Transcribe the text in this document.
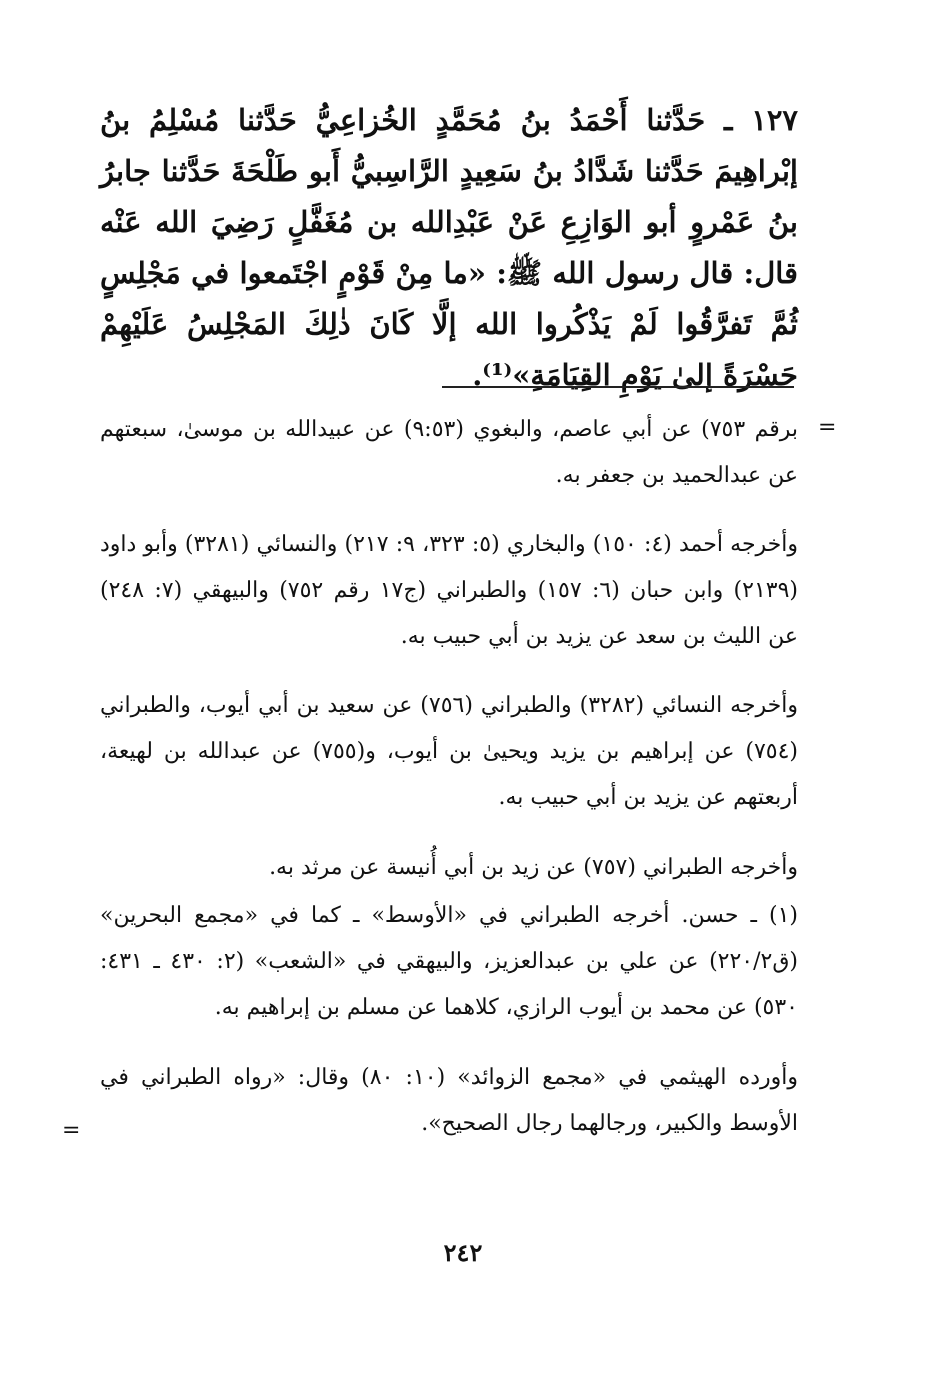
١٢٧ ـ حَدَّثنا أَحْمَدُ بنُ مُحَمَّدٍ الخُزاعِيُّ حَدَّثنا مُسْلِمُ بنُ إبْراهِيمَ حَدَّثنا شَدَّادُ بنُ سَعِيدٍ الرَّاسِبيُّ أَبو طَلْحَةَ حَدَّثنا جابرُ بنُ عَمْروٍ أبو الوَازِعِ عَنْ عَبْدِالله بن مُغَفَّلٍ رَضِيَ الله عَنْه قال: قال رسول الله ﷺ: «ما مِنْ قَوْمٍ اجْتَمعوا في مَجْلِسٍ ثُمَّ تَفرَّقُوا لَمْ يَذْكُروا الله إلَّا كَانَ ذٰلِكَ المَجْلِسُ عَلَيْهِمْ حَسْرَةً إلىٰ يَوْمِ القِيَامَةِ»⁽¹⁾.
=
برقم ٧٥٣) عن أبي عاصم، والبغوي (٩:٥٣) عن عبيدالله بن موسىٰ، سبعتهم عن عبدالحميد بن جعفر به.
وأخرجه أحمد (٤: ١٥٠) والبخاري (٥: ٣٢٣، ٩: ٢١٧) والنسائي (٣٢٨١) وأبو داود (٢١٣٩) وابن حبان (٦: ١٥٧) والطبراني (ج١٧ رقم ٧٥٢) والبيهقي (٧: ٢٤٨) عن الليث بن سعد عن يزيد بن أبي حبيب به.
وأخرجه النسائي (٣٢٨٢) والطبراني (٧٥٦) عن سعيد بن أبي أيوب، والطبراني (٧٥٤) عن إبراهيم بن يزيد ويحيىٰ بن أيوب، و(٧٥٥) عن عبدالله بن لهيعة، أربعتهم عن يزيد بن أبي حبيب به.
وأخرجه الطبراني (٧٥٧) عن زيد بن أبي أُنيسة عن مرثد به.
(١) ـ حسن. أخرجه الطبراني في «الأوسط» ـ كما في «مجمع البحرين» (ق٢٢٠/٢) عن علي بن عبدالعزيز، والبيهقي في «الشعب» (٢: ٤٣٠ ـ ٤٣١: ٥٣٠) عن محمد بن أيوب الرازي، كلاهما عن مسلم بن إبراهيم به.
وأورده الهيثمي في «مجمع الزوائد» (١٠: ٨٠) وقال: «رواه الطبراني في الأوسط والكبير، ورجالهما رجال الصحيح».
=
٢٤٢
